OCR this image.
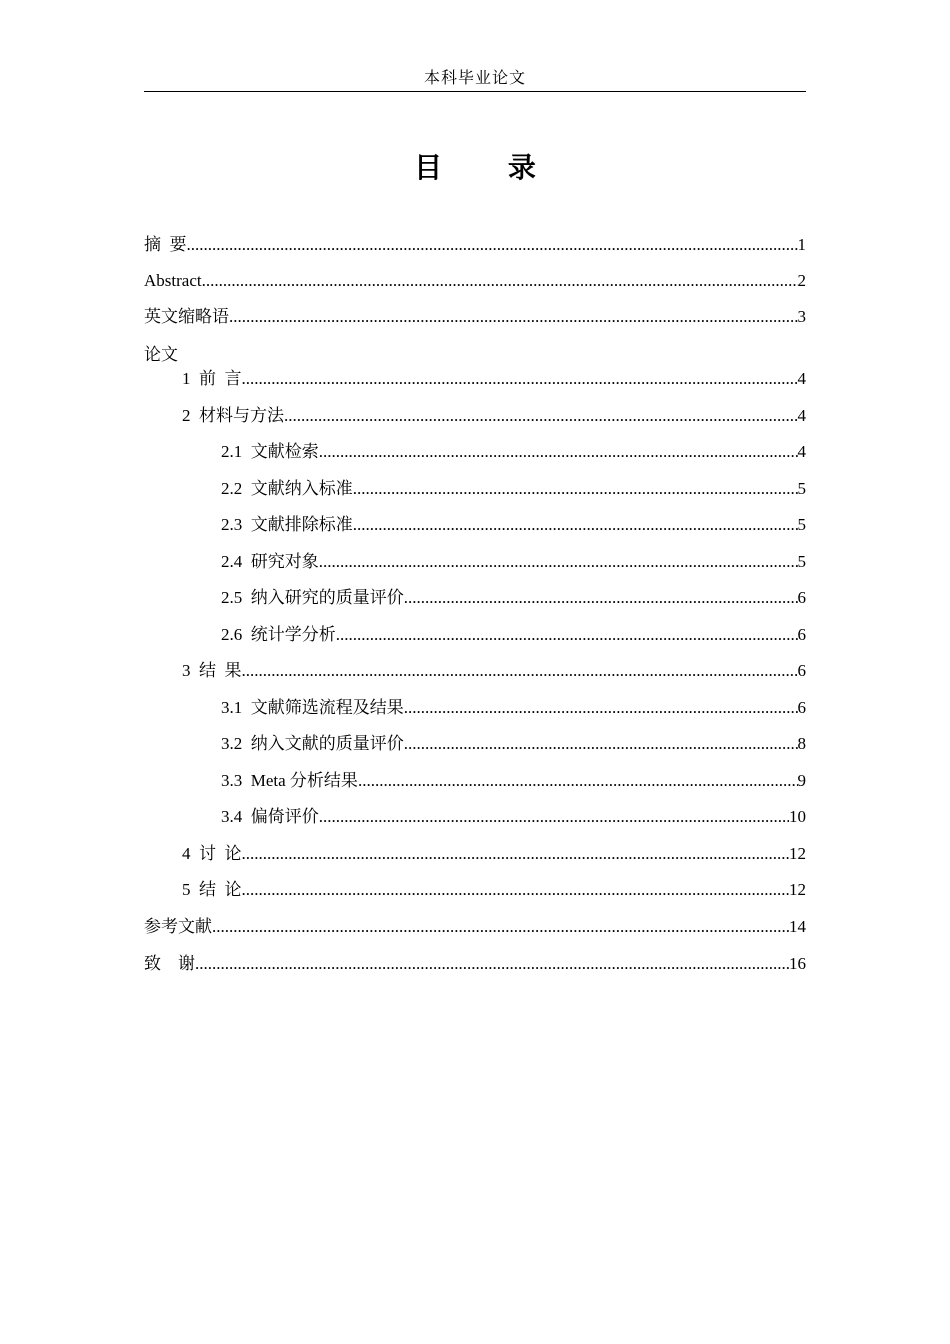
本科毕业论文
目 录
摘  要 .....	1
Abstract .....	2
英文缩略语 .....	3
论文
1  前  言 .....	4
2  材料与方法 .....	4
2.1  文献检索 .....	4
2.2  文献纳入标准 .....	5
2.3  文献排除标准 .....	5
2.4  研究对象 .....	5
2.5  纳入研究的质量评价 .....	6
2.6  统计学分析 .....	6
3  结  果 .....	6
3.1  文献筛选流程及结果 .....	6
3.2  纳入文献的质量评价 .....	8
3.3  Meta 分析结果 .....	9
3.4  偏倚评价 .....	10
4  讨  论 .....	12
5  结  论 .....	12
参考文献 .....	14
致    谢 .....	16
